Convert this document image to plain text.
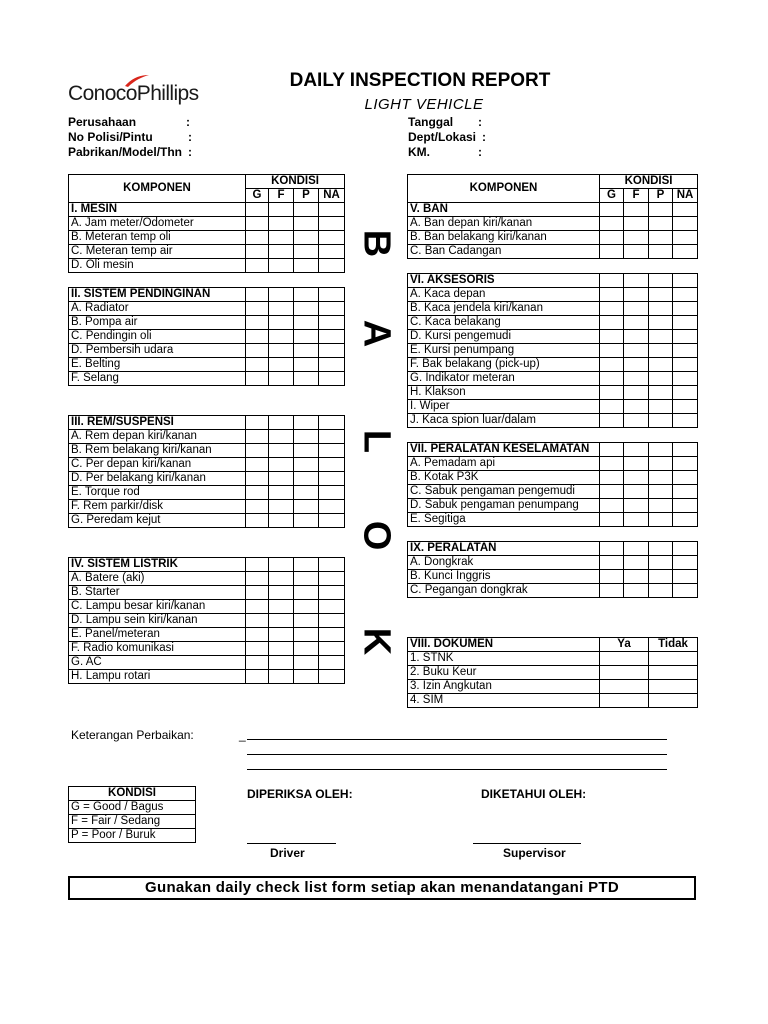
ConocoPhillips
DAILY INSPECTION REPORT
LIGHT VEHICLE
Perusahaan	:
No Polisi/Pintu	:
Pabrikan/Model/Thn :
Tanggal :
Dept/Lokasi :
KM.	:
KOMPONEN	KONDISI			
	G	F	P	NA
I. MESIN				
A. Jam meter/Odometer				
B. Meteran temp oli				
C. Meteran temp air				
D. Oli mesin				

II. SISTEM PENDINGINAN				
A. Radiator				
B. Pompa air				
C. Pendingin oli				
D. Pembersih udara				
E. Belting				
F. Selang				

III. REM/SUSPENSI				
A. Rem depan kiri/kanan				
B. Rem belakang kiri/kanan				
C. Per depan kiri/kanan				
D. Per belakang kiri/kanan				
E. Torque rod				
F. Rem parkir/disk				
G. Peredam kejut				

IV. SISTEM LISTRIK				
A. Batere (aki)				
B. Starter				
C. Lampu besar kiri/kanan				
D. Lampu sein kiri/kanan				
E. Panel/meteran				
F. Radio komunikasi				
G. AC				
H. Lampu rotari				
KOMPONEN	KONDISI			
	G	F	P	NA
V. BAN				
A. Ban depan kiri/kanan				
B. Ban belakang kiri/kanan				
C. Ban Cadangan				

VI. AKSESORIS				
A. Kaca depan				
B. Kaca jendela kiri/kanan				
C. Kaca belakang				
D. Kursi pengemudi				
E. Kursi penumpang				
F. Bak belakang (pick-up)				
G. Indikator meteran				
H. Klakson				
I. Wiper				
J. Kaca spion luar/dalam				

VII. PERALATAN KESELAMATAN				
A. Pemadam api				
B. Kotak P3K				
C. Sabuk pengaman pengemudi				
D. Sabuk pengaman penumpang				
E. Segitiga				

IX. PERALATAN				
A. Dongkrak				
B. Kunci Inggris				
C. Pegangan dongkrak				
VIII. DOKUMEN	Ya	Tidak
1. STNK		
2. Buku Keur		
3. Izin Angkutan		
4. SIM		
B
A
L
O
K
Keterangan Perbaikan:	_
KONDISI
G = Good / Bagus
F = Fair / Sedang
P = Poor / Buruk
DIPERIKSA OLEH:	DIKETAHUI OLEH:
Driver	Supervisor
Gunakan daily check list form setiap akan menandatangani PTD
